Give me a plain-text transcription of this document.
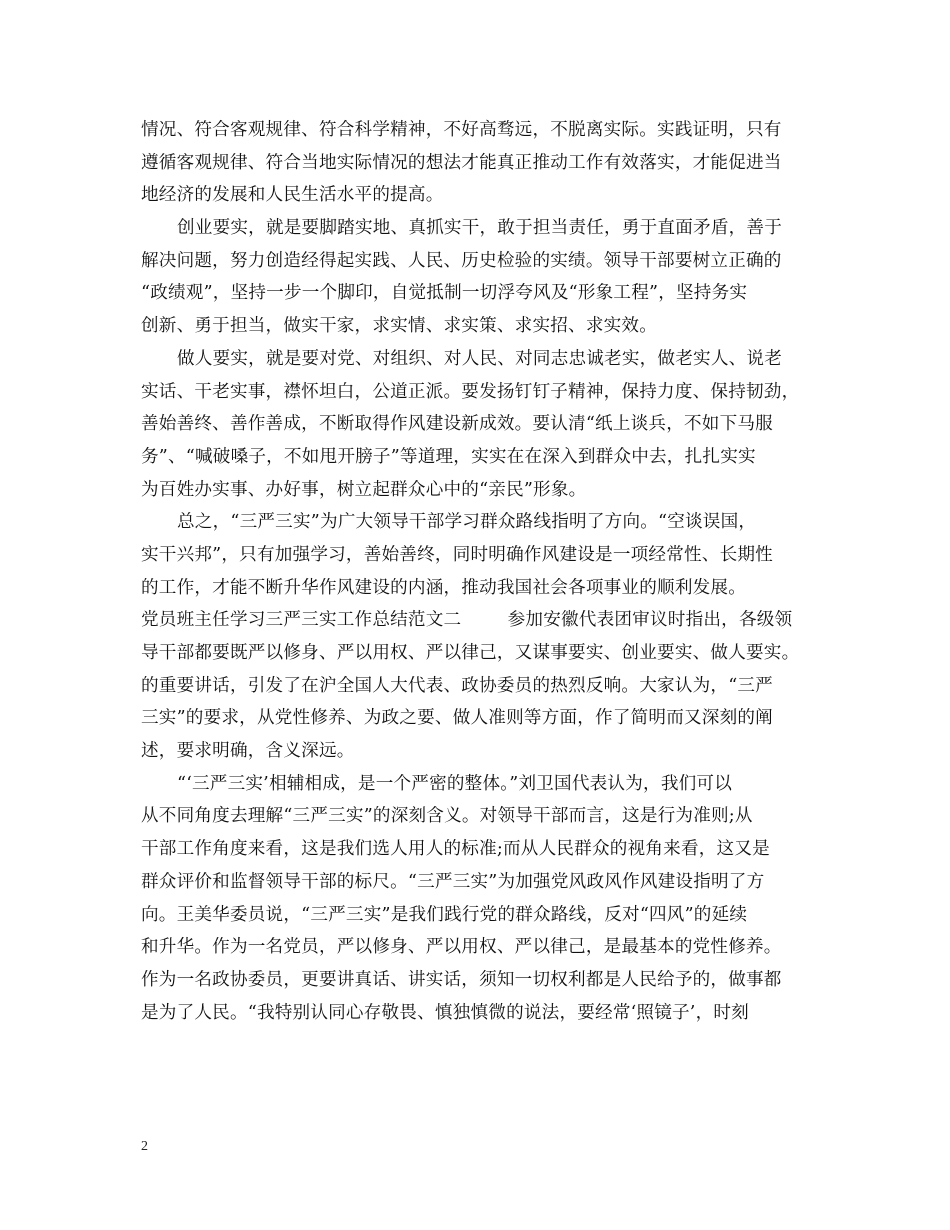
情况、符合客观规律、符合科学精神，不好高骛远，不脱离实际。实践证明，只有
遵循客观规律、符合当地实际情况的想法才能真正推动工作有效落实，才能促进当
地经济的发展和人民生活水平的提高。
创业要实，就是要脚踏实地、真抓实干，敢于担当责任，勇于直面矛盾，善于
解决问题，努力创造经得起实践、人民、历史检验的实绩。领导干部要树立正确的
“政绩观”，坚持一步一个脚印，自觉抵制一切浮夸风及“形象工程”，坚持务实
创新、勇于担当，做实干家，求实情、求实策、求实招、求实效。
做人要实，就是要对党、对组织、对人民、对同志忠诚老实，做老实人、说老
实话、干老实事，襟怀坦白，公道正派。要发扬钉钉子精神，保持力度、保持韧劲，
善始善终、善作善成，不断取得作风建设新成效。要认清“纸上谈兵，不如下马服
务”、“喊破嗓子，不如甩开膀子”等道理，实实在在深入到群众中去，扎扎实实
为百姓办实事、办好事，树立起群众心中的“亲民”形象。
总之，“三严三实”为广大领导干部学习群众路线指明了方向。“空谈误国，
实干兴邦”，只有加强学习，善始善终，同时明确作风建设是一项经常性、长期性
的工作，才能不断升华作风建设的内涵，推动我国社会各项事业的顺利发展。
党员班主任学习三严三实工作总结范文二        参加安徽代表团审议时指出，各级领
导干部都要既严以修身、严以用权、严以律己，又谋事要实、创业要实、做人要实。
的重要讲话，引发了在沪全国人大代表、政协委员的热烈反响。大家认为，“三严
三实”的要求，从党性修养、为政之要、做人准则等方面，作了简明而又深刻的阐
述，要求明确，含义深远。
“‘三严三实’相辅相成，是一个严密的整体。”刘卫国代表认为，我们可以
从不同角度去理解“三严三实”的深刻含义。对领导干部而言，这是行为准则;从
干部工作角度来看，这是我们选人用人的标准;而从人民群众的视角来看，这又是
群众评价和监督领导干部的标尺。“三严三实”为加强党风政风作风建设指明了方
向。王美华委员说，“三严三实”是我们践行党的群众路线，反对“四风”的延续
和升华。作为一名党员，严以修身、严以用权、严以律己，是最基本的党性修养。
作为一名政协委员，更要讲真话、讲实话，须知一切权利都是人民给予的，做事都
是为了人民。“我特别认同心存敬畏、慎独慎微的说法，要经常‘照镜子’，时刻
2
